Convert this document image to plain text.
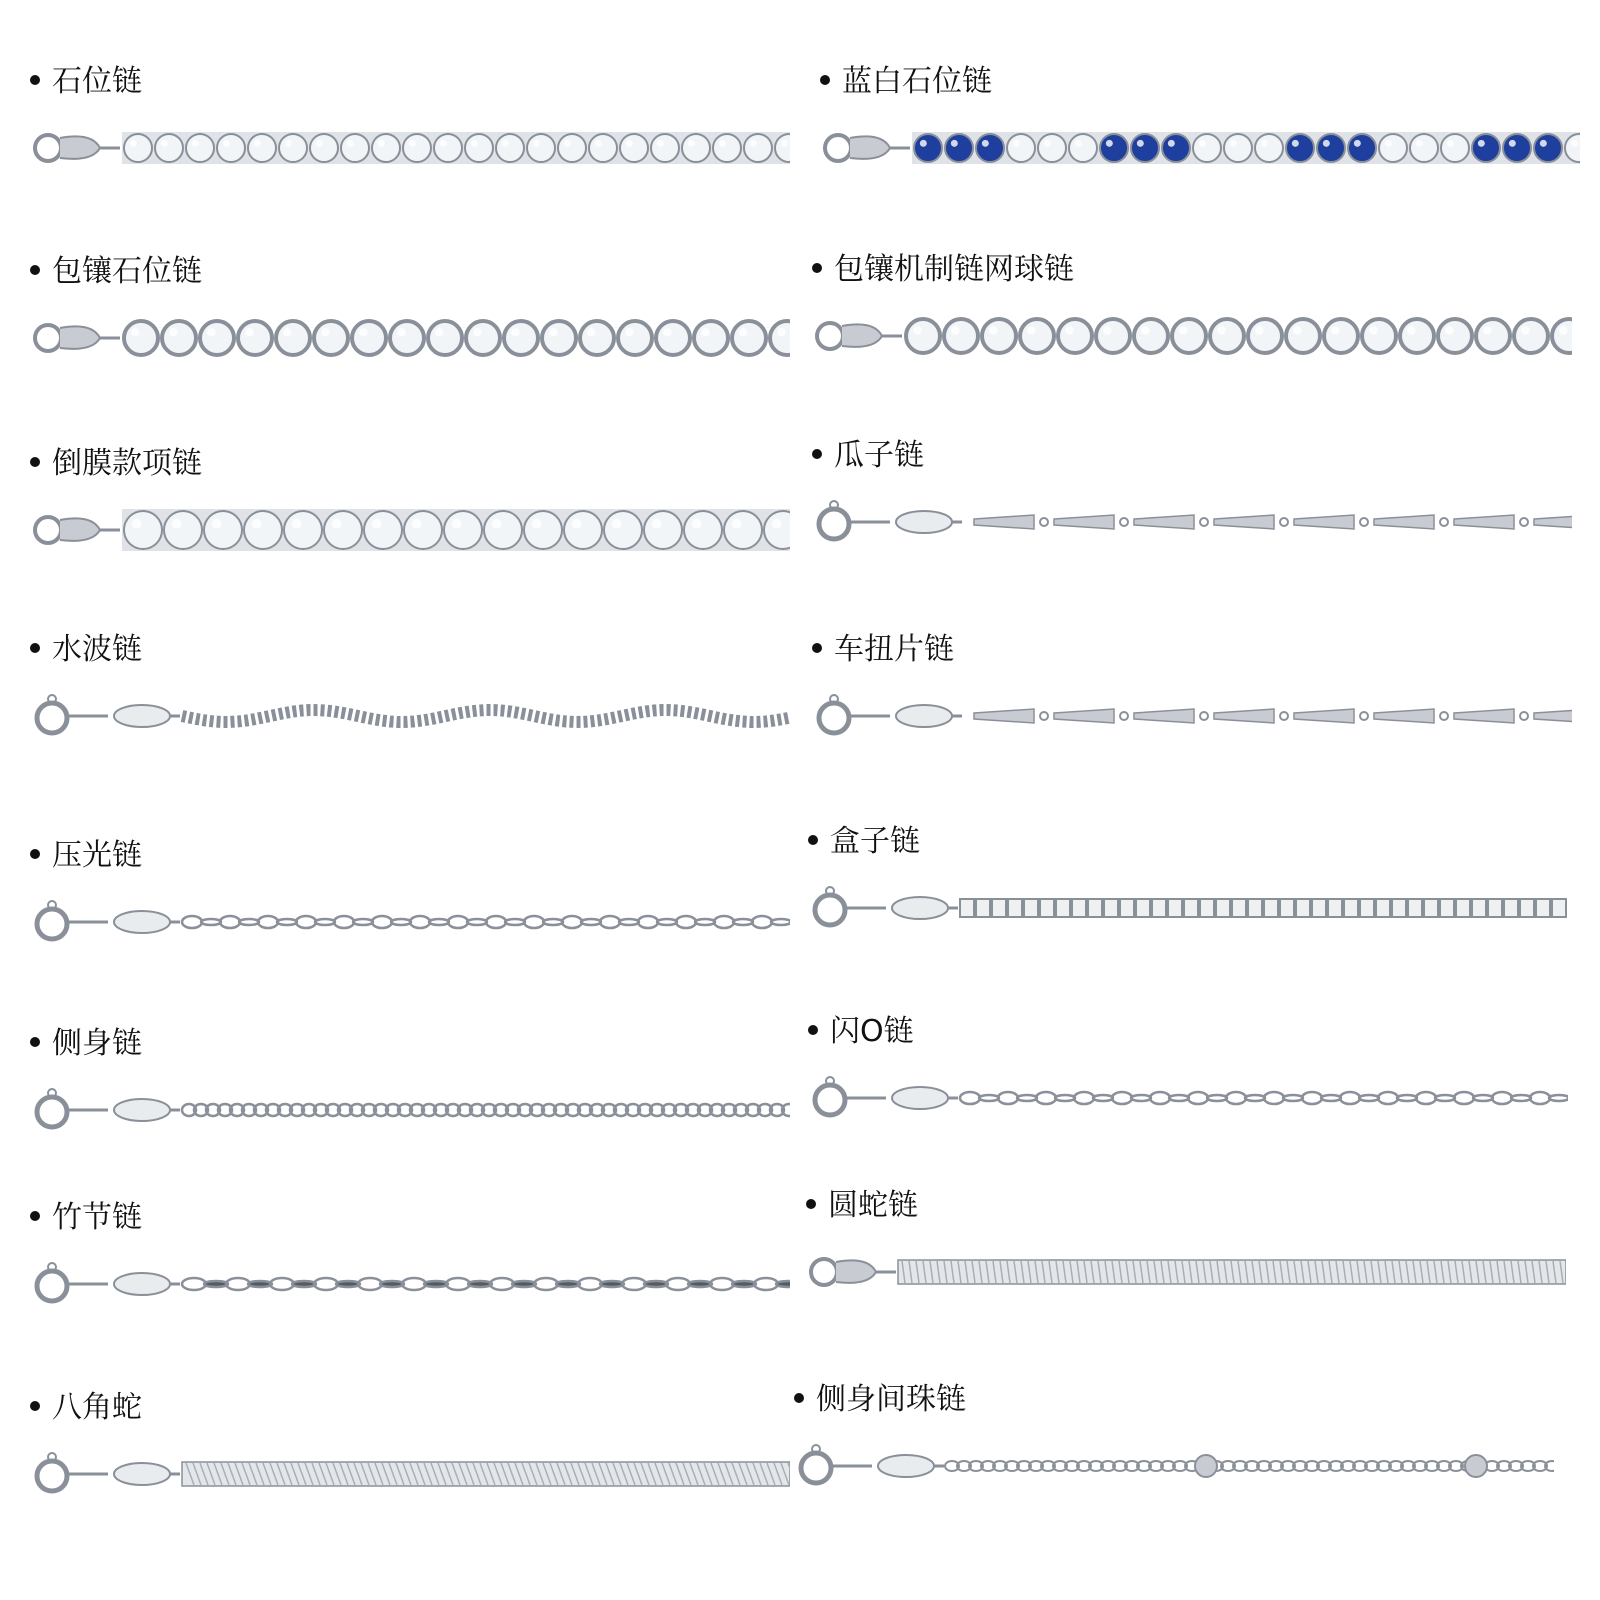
石位链	蓝白石位链
包镶石位链	包镶机制链网球链
倒膜款项链	瓜子链
水波链	车扭片链
压光链	盒子链
侧身链	闪O链
竹节链	圆蛇链
八角蛇	侧身间珠链
